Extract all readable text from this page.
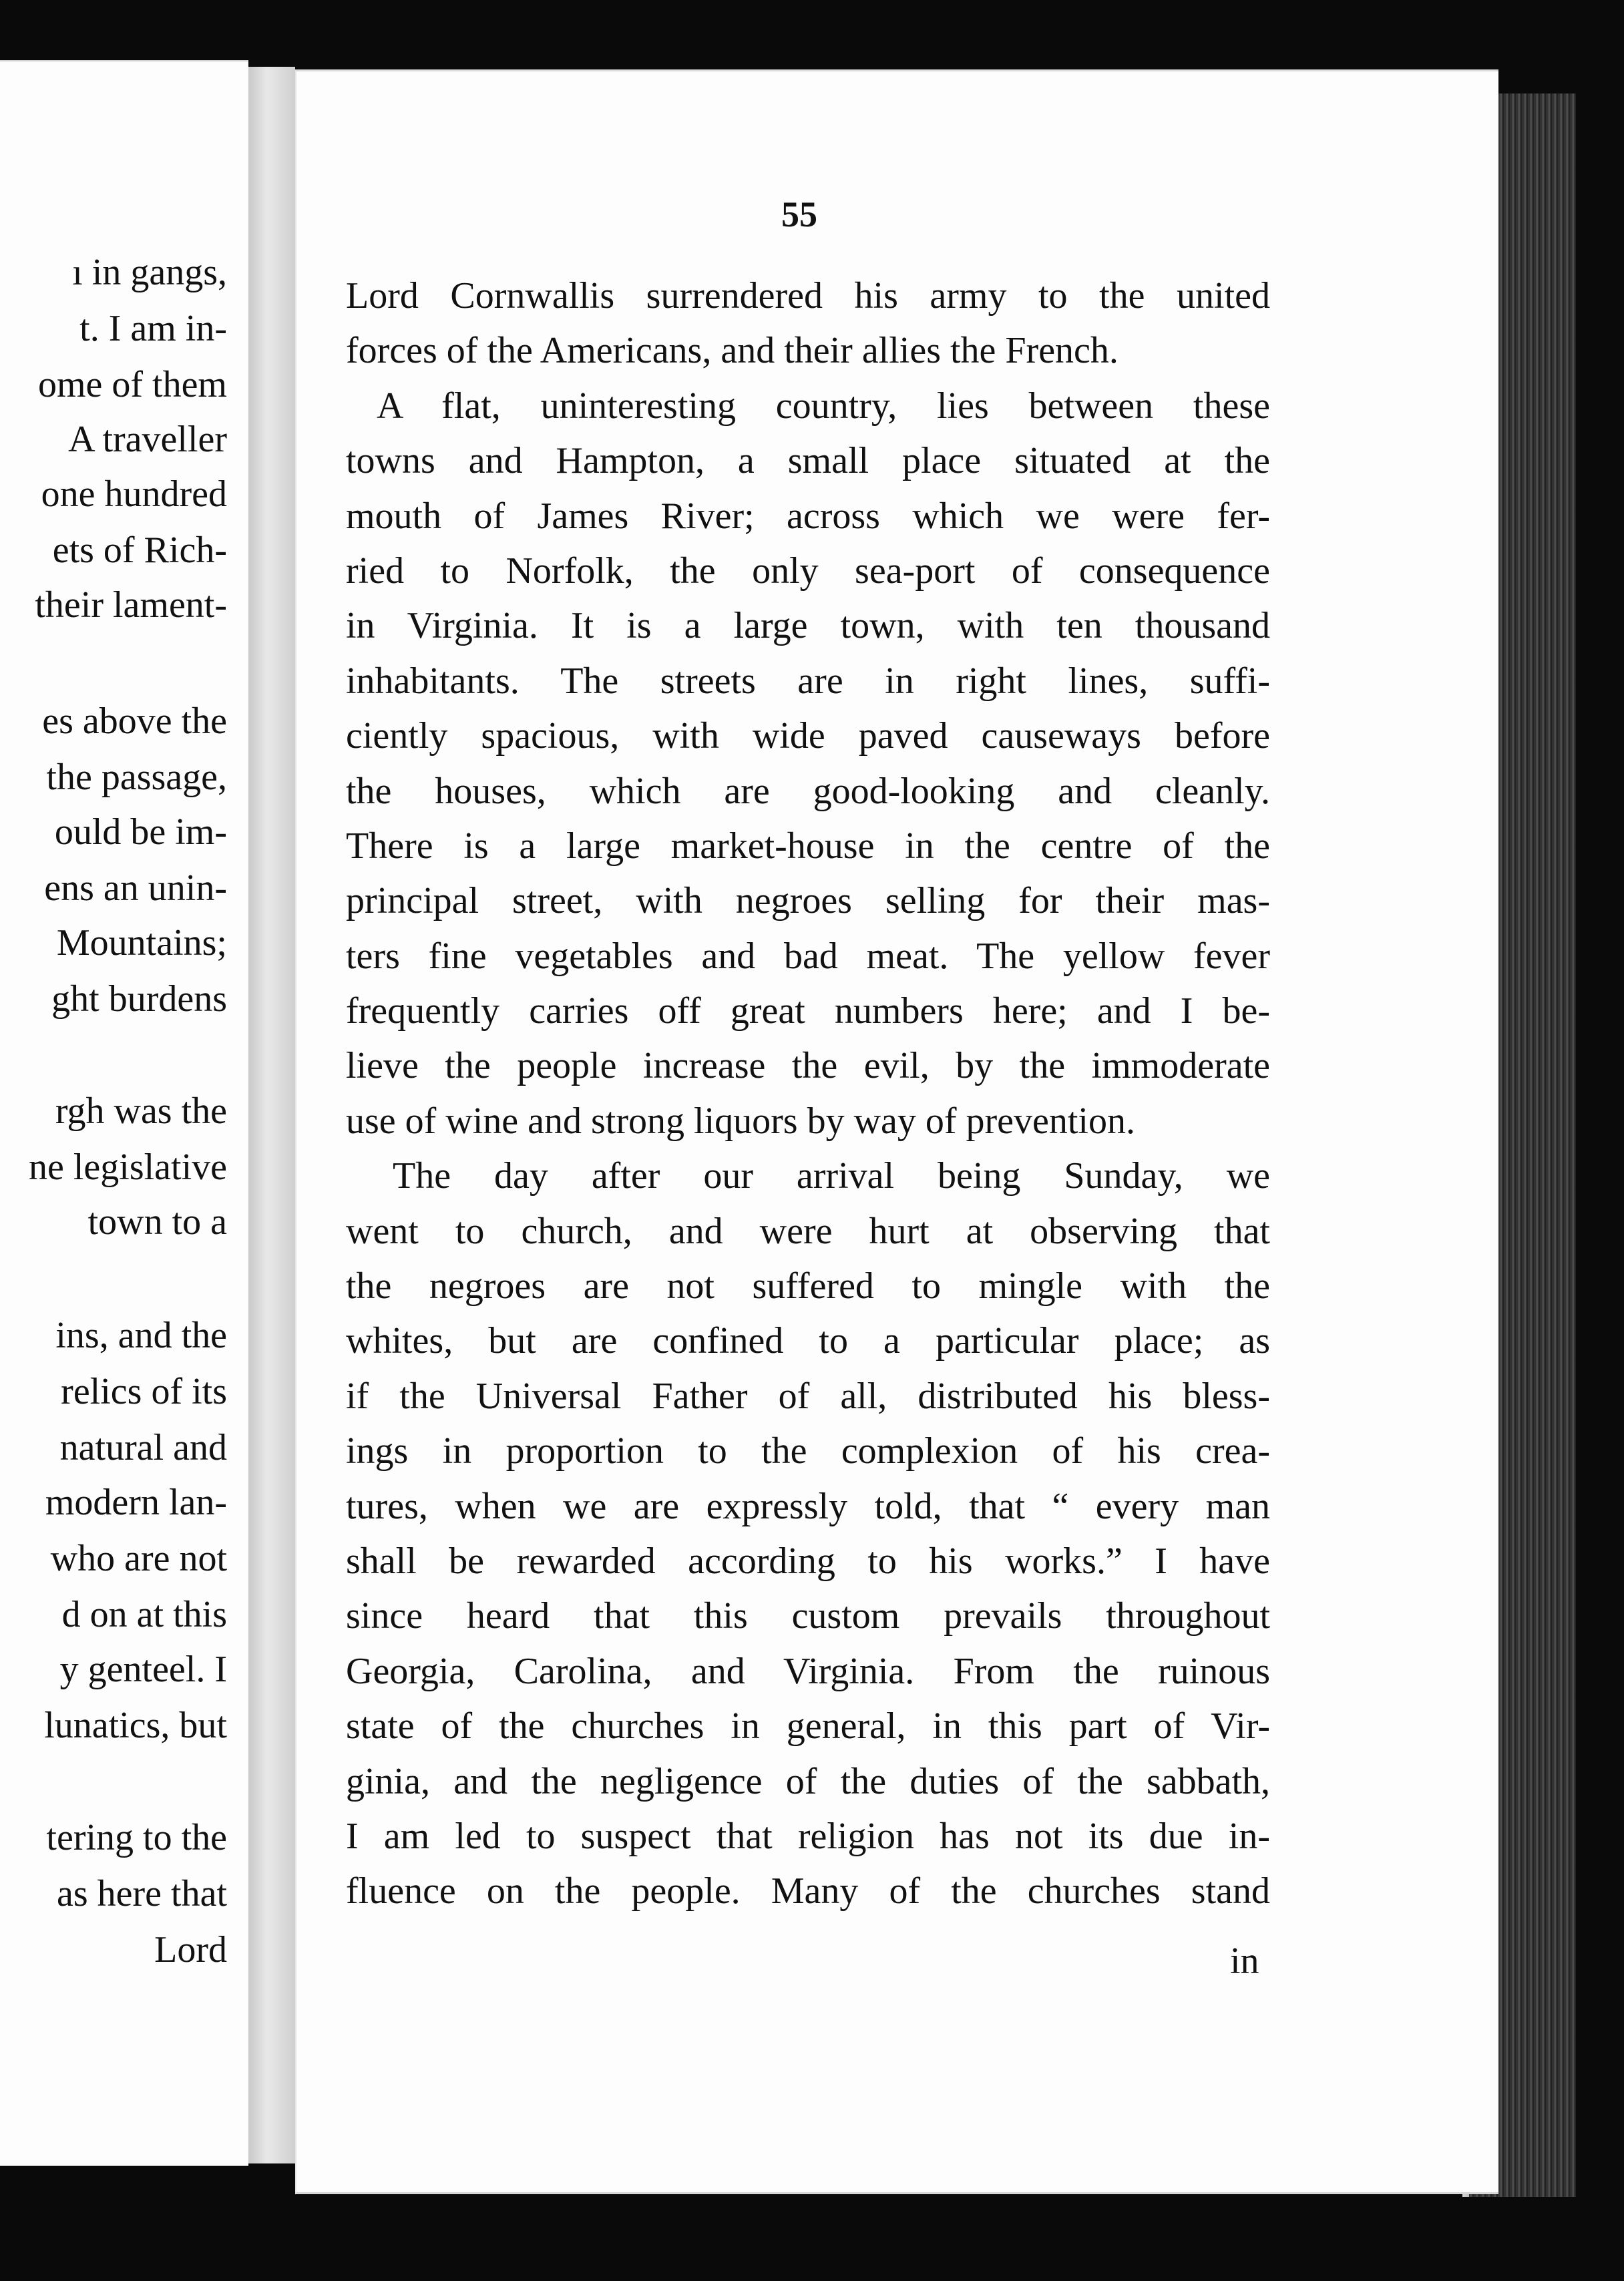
ı in gangs,
t. I am in-
ome of them
A traveller
one hundred
ets of Rich-
their lament-
es above the
the passage,
ould be im-
ens an unin-
Mountains;
ght burdens
rgh was the
ne legislative
town to a
ins, and the
relics of its
natural and
modern lan-
who are not
d on at this
y genteel. I
lunatics, but
tering to the
as here that
Lord
55
Lord Cornwallis surrendered his army to the united
forces of the Americans, and their allies the French.
A flat, uninteresting country, lies between these
towns and Hampton, a small place situated at the
mouth of James River; across which we were fer-
ried to Norfolk, the only sea-port of consequence
in Virginia. It is a large town, with ten thousand
inhabitants. The streets are in right lines, suffi-
ciently spacious, with wide paved causeways before
the houses, which are good-looking and cleanly.
There is a large market-house in the centre of the
principal street, with negroes selling for their mas-
ters fine vegetables and bad meat. The yellow fever
frequently carries off great numbers here; and I be-
lieve the people increase the evil, by the immoderate
use of wine and strong liquors by way of prevention.
The day after our arrival being Sunday, we
went to church, and were hurt at observing that
the negroes are not suffered to mingle with the
whites, but are confined to a particular place; as
if the Universal Father of all, distributed his bless-
ings in proportion to the complexion of his crea-
tures, when we are expressly told, that “ every man
shall be rewarded according to his works.” I have
since heard that this custom prevails throughout
Georgia, Carolina, and Virginia. From the ruinous
state of the churches in general, in this part of Vir-
ginia, and the negligence of the duties of the sabbath,
I am led to suspect that religion has not its due in-
fluence on the people. Many of the churches stand
in
